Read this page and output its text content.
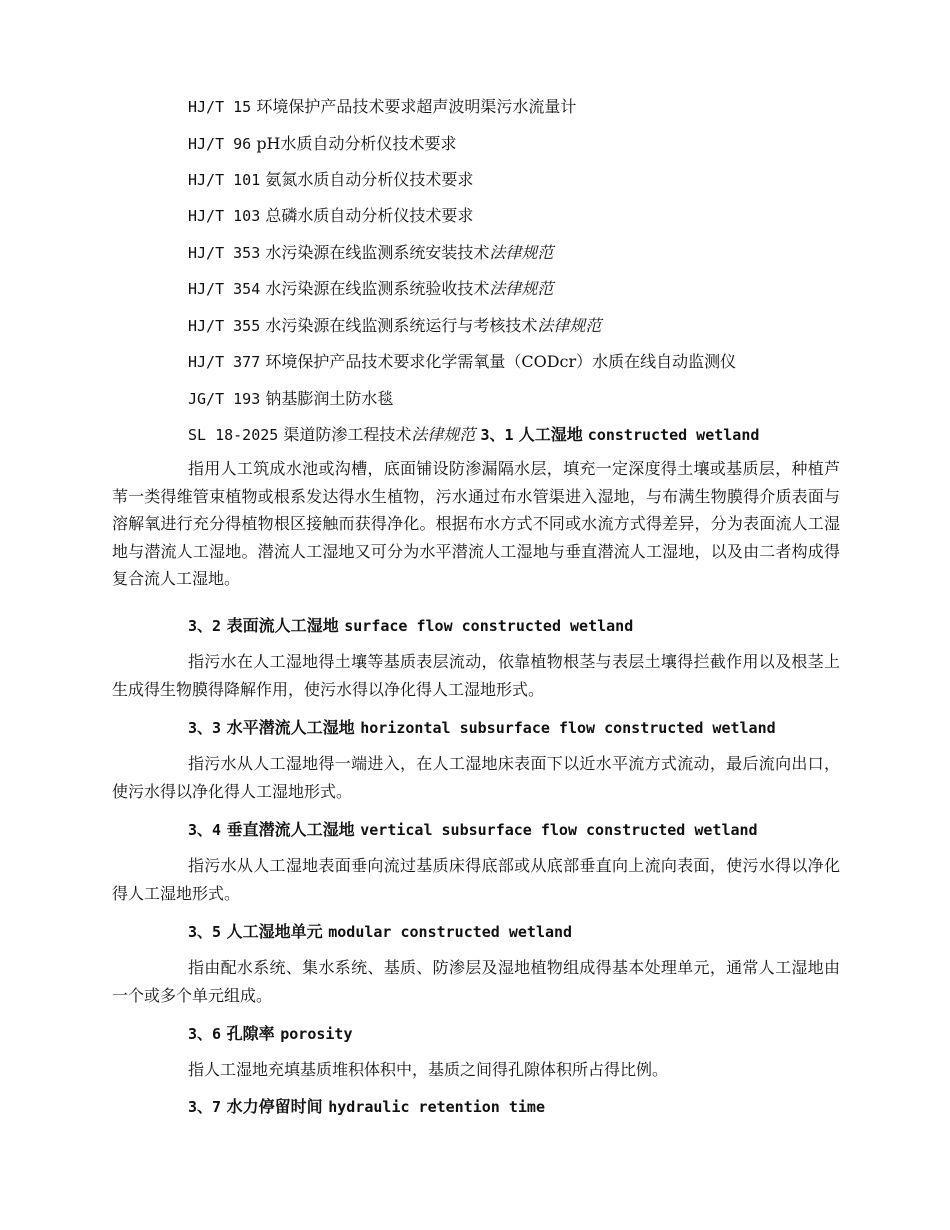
HJ/T 15 环境保护产品技术要求超声波明渠污水流量计
HJ/T 96 pH水质自动分析仪技术要求
HJ/T 101 氨氮水质自动分析仪技术要求
HJ/T 103 总磷水质自动分析仪技术要求
HJ/T 353 水污染源在线监测系统安装技术法律规范
HJ/T 354 水污染源在线监测系统验收技术法律规范
HJ/T 355 水污染源在线监测系统运行与考核技术法律规范
HJ/T 377 环境保护产品技术要求化学需氧量（CODcr）水质在线自动监测仪
JG/T 193 钠基膨润土防水毯
SL 18-2025 渠道防渗工程技术法律规范 3、1 人工湿地 constructed wetland
指用人工筑成水池或沟槽，底面铺设防渗漏隔水层，填充一定深度得土壤或基质层，种植芦苇一类得维管束植物或根系发达得水生植物，污水通过布水管渠进入湿地，与布满生物膜得介质表面与溶解氧进行充分得植物根区接触而获得净化。根据布水方式不同或水流方式得差异，分为表面流人工湿地与潜流人工湿地。潜流人工湿地又可分为水平潜流人工湿地与垂直潜流人工湿地，以及由二者构成得复合流人工湿地。
3、2 表面流人工湿地 surface flow constructed wetland
指污水在人工湿地得土壤等基质表层流动，依靠植物根茎与表层土壤得拦截作用以及根茎上生成得生物膜得降解作用，使污水得以净化得人工湿地形式。
3、3 水平潜流人工湿地 horizontal subsurface flow constructed wetland
指污水从人工湿地得一端进入，在人工湿地床表面下以近水平流方式流动，最后流向出口，使污水得以净化得人工湿地形式。
3、4 垂直潜流人工湿地 vertical subsurface flow constructed wetland
指污水从人工湿地表面垂向流过基质床得底部或从底部垂直向上流向表面，使污水得以净化得人工湿地形式。
3、5 人工湿地单元 modular constructed wetland
指由配水系统、集水系统、基质、防渗层及湿地植物组成得基本处理单元，通常人工湿地由一个或多个单元组成。
3、6 孔隙率 porosity
指人工湿地充填基质堆积体积中，基质之间得孔隙体积所占得比例。
3、7 水力停留时间 hydraulic retention time
